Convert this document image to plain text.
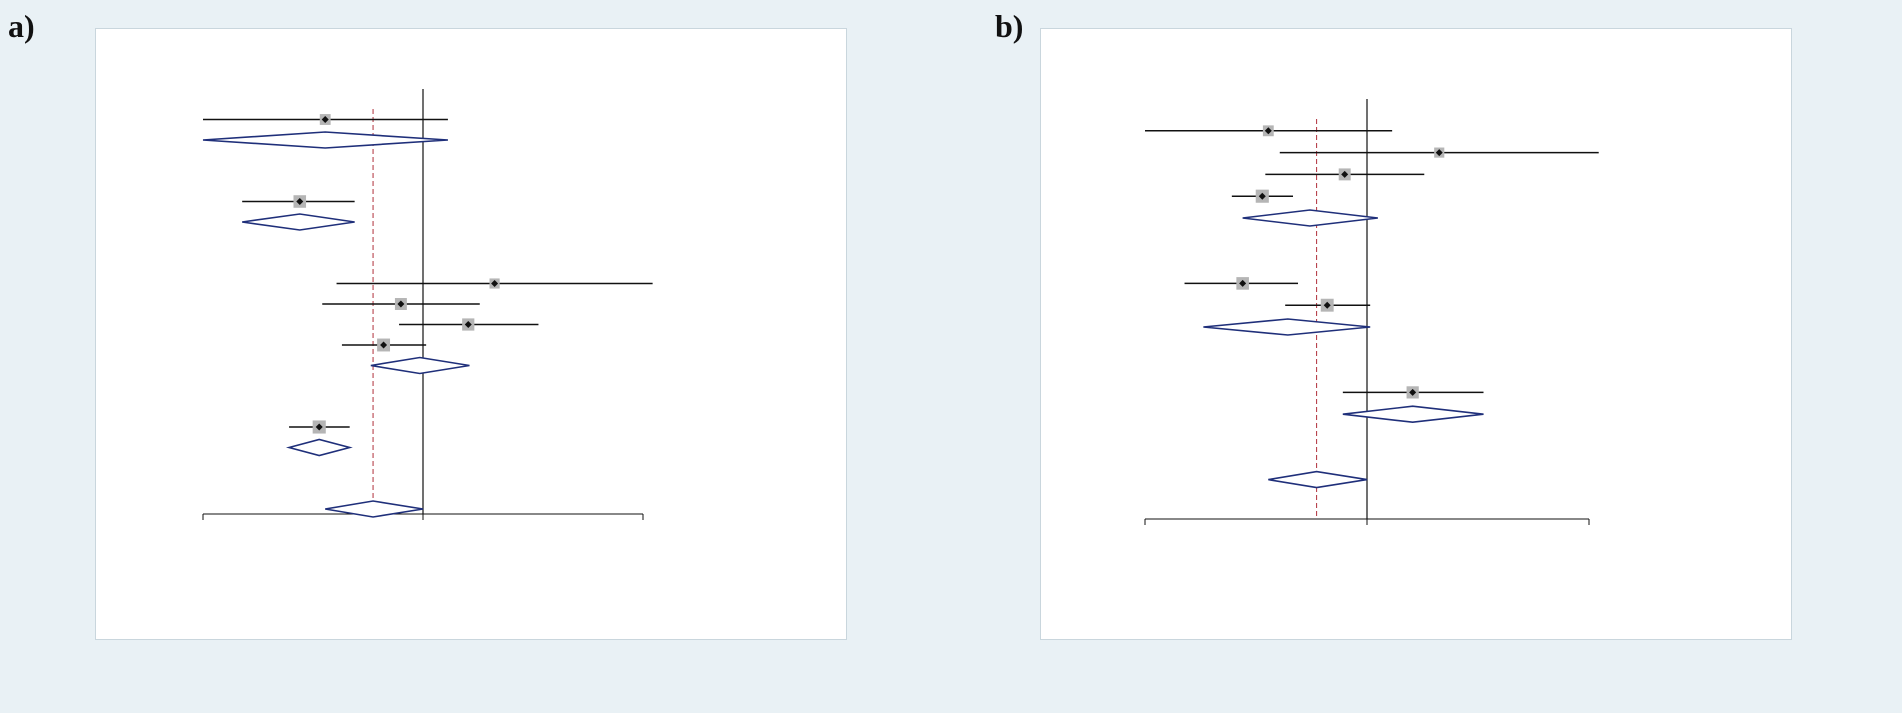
a)	b)
